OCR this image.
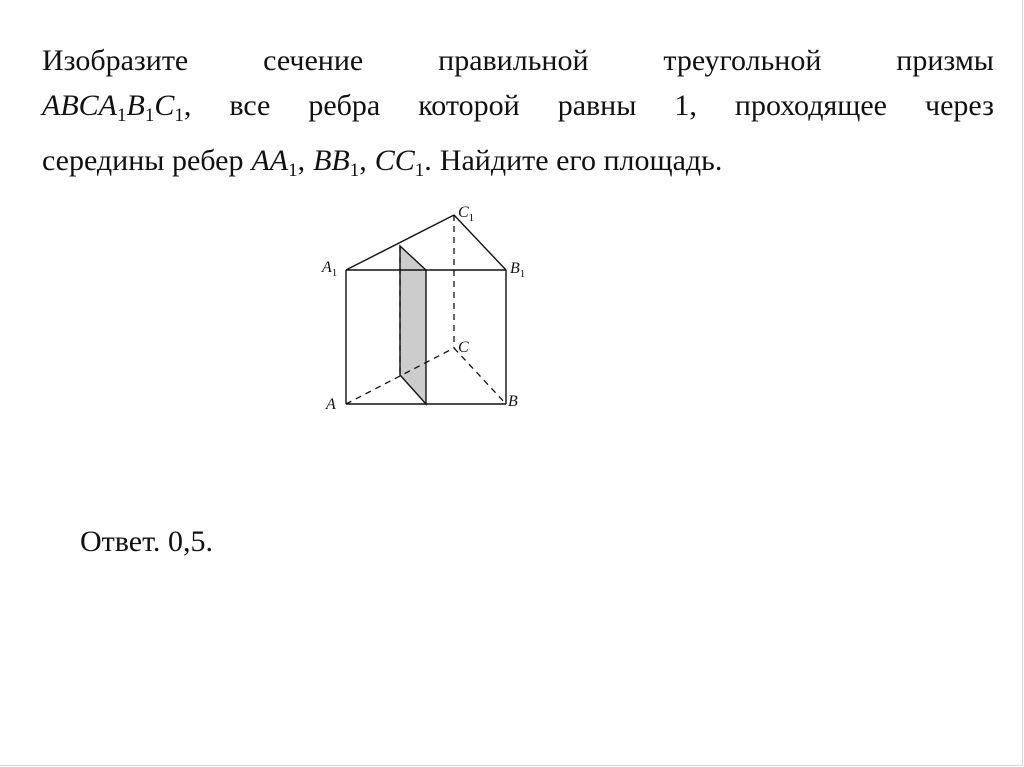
Изобразите сечение правильной треугольной призмы
$ABCA_1B_1C_1$, все ребра которой равны 1, проходящее через
середины ребер $AA_1$, $BB_1$, $CC_1$. Найдите его площадь.
$A_1$	$B_1$
$C_1$
A	B
C
Ответ. 0,5.
